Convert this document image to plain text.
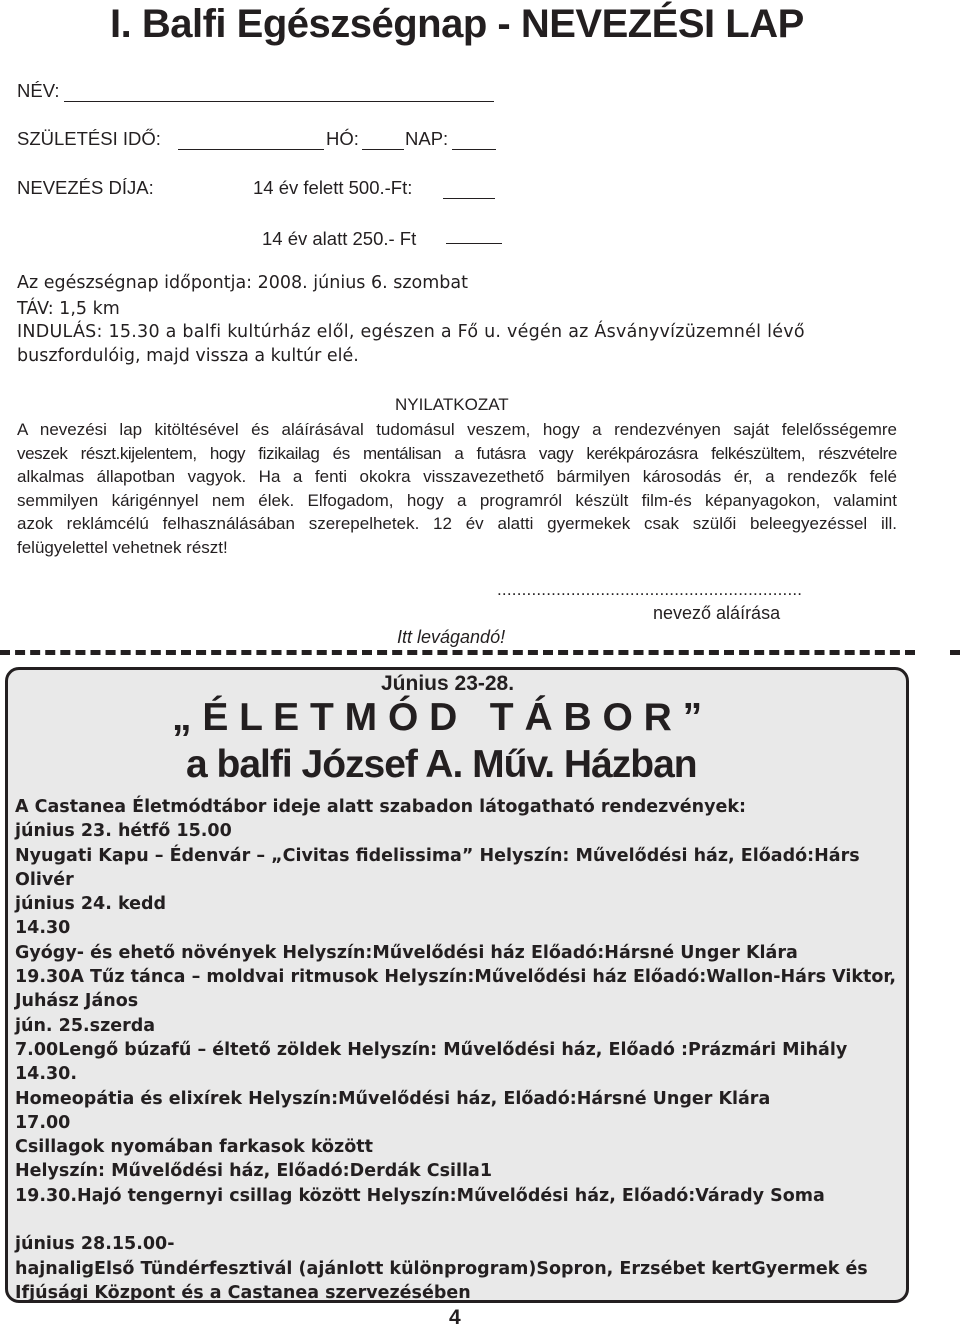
I. Balfi Egészségnap - NEVEZÉSI LAP
NÉV:
SZÜLETÉSI IDŐ:	HÓ: NAP:
NEVEZÉS DÍJA:	14 év felett 500.-Ft:
14 év alatt 250.- Ft
Az egészségnap időpontja: 2008. június 6. szombat
TÁV: 1,5 km
INDULÁS: 15.30 a balfi kultúrház elől, egészen a Fő u. végén az Ásványvízüzemnél lévő
buszfordulóig, majd vissza a kultúr elé.
NYILATKOZAT
A nevezési lap kitöltésével és aláírásával tudomásul veszem, hogy a rendezvényen saját felelősségemre
veszek részt.kijelentem, hogy fizikailag és mentálisan a futásra vagy kerékpározásra felkészültem, részvételre
alkalmas állapotban vagyok. Ha a fenti okokra visszavezethető bármilyen károsodás ér, a rendezők felé
semmilyen kárigénnyel nem élek. Elfogadom, hogy a programról készült film-és képanyagokon, valamint
azok reklámcélú felhasználásában szerepelhetek. 12 év alatti gyermekek csak szülői beleegyezéssel ill.
felügyelettel vehetnek részt!
..............................................................
nevező aláírása
Itt levágandó!
Június 23-28.
„ É L E T M Ó D   T Á B O R ”
a balfi József A. Műv. Házban
A Castanea Életmódtábor ideje alatt szabadon látogatható rendezvények:
június 23. hétfő 15.00
Nyugati Kapu – Édenvár – „Civitas fidelissima” Helyszín: Művelődési ház, Előadó:Hárs
Olivér
június 24. kedd
14.30
Gyógy- és ehető növények Helyszín:Művelődési ház Előadó:Hársné Unger Klára
19.30A Tűz tánca – moldvai ritmusok Helyszín:Művelődési ház Előadó:Wallon-Hárs Viktor,
Juhász János
jún. 25.szerda
7.00Lengő búzafű – éltető zöldek Helyszín: Művelődési ház, Előadó :Prázmári Mihály
14.30.
Homeopátia és elixírek Helyszín:Művelődési ház, Előadó:Hársné Unger Klára
17.00
Csillagok nyomában farkasok között
Helyszín: Művelődési ház, Előadó:Derdák Csilla1
19.30.Hajó tengernyi csillag között Helyszín:Művelődési ház, Előadó:Várady Soma
június 28.15.00-
hajnaligElső Tündérfesztivál (ajánlott különprogram)Sopron, Erzsébet kertGyermek és
Ifjúsági Központ és a Castanea szervezésében
4
